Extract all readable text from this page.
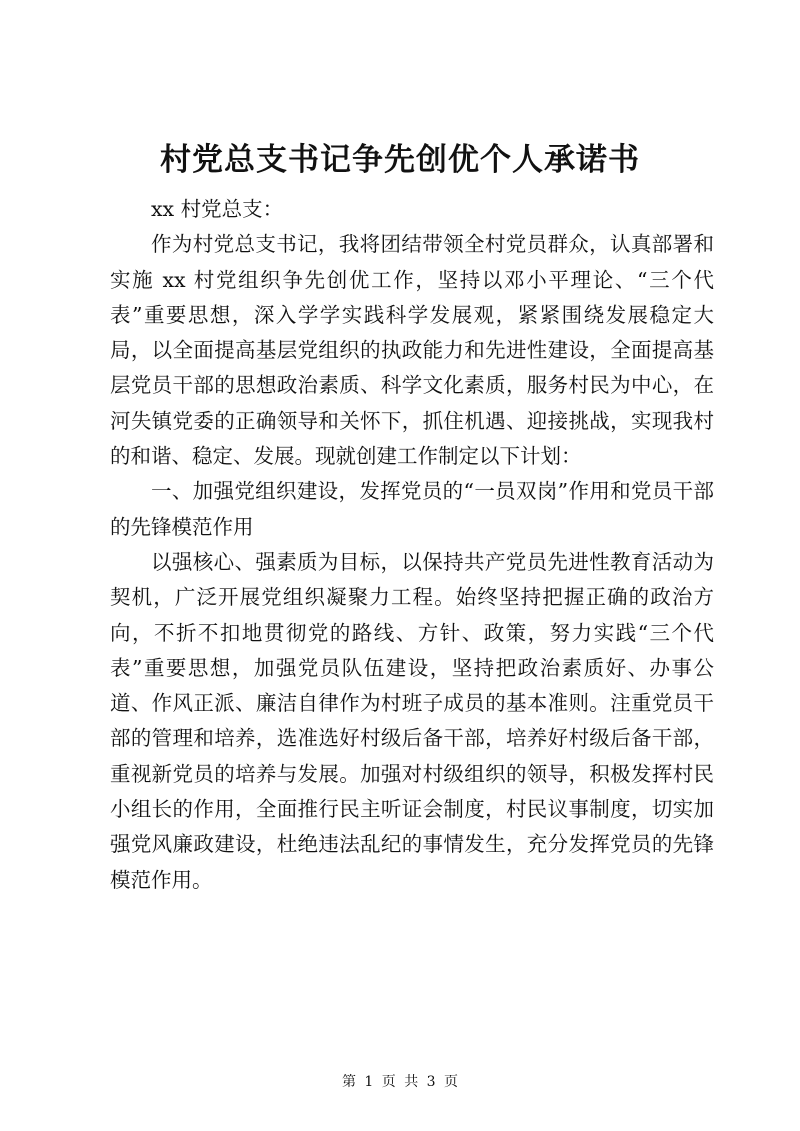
村党总支书记争先创优个人承诺书

xx 村党总支：

作为村党总支书记，我将团结带领全村党员群众，认真部署和实施 xx 村党组织争先创优工作，坚持以邓小平理论、“三个代表”重要思想，深入学学实践科学发展观，紧紧围绕发展稳定大局，以全面提高基层党组织的执政能力和先进性建设，全面提高基层党员干部的思想政治素质、科学文化素质，服务村民为中心，在河失镇党委的正确领导和关怀下，抓住机遇、迎接挑战，实现我村的和谐、稳定、发展。现就创建工作制定以下计划：

一、加强党组织建设，发挥党员的“一员双岗”作用和党员干部的先锋模范作用

以强核心、强素质为目标，以保持共产党员先进性教育活动为契机，广泛开展党组织凝聚力工程。始终坚持把握正确的政治方向，不折不扣地贯彻党的路线、方针、政策，努力实践“三个代表”重要思想，加强党员队伍建设，坚持把政治素质好、办事公道、作风正派、廉洁自律作为村班子成员的基本准则。注重党员干部的管理和培养，选准选好村级后备干部，培养好村级后备干部，重视新党员的培养与发展。加强对村级组织的领导，积极发挥村民小组长的作用，全面推行民主听证会制度，村民议事制度，切实加强党风廉政建设，杜绝违法乱纪的事情发生，充分发挥党员的先锋模范作用。

第 1 页 共 3 页
